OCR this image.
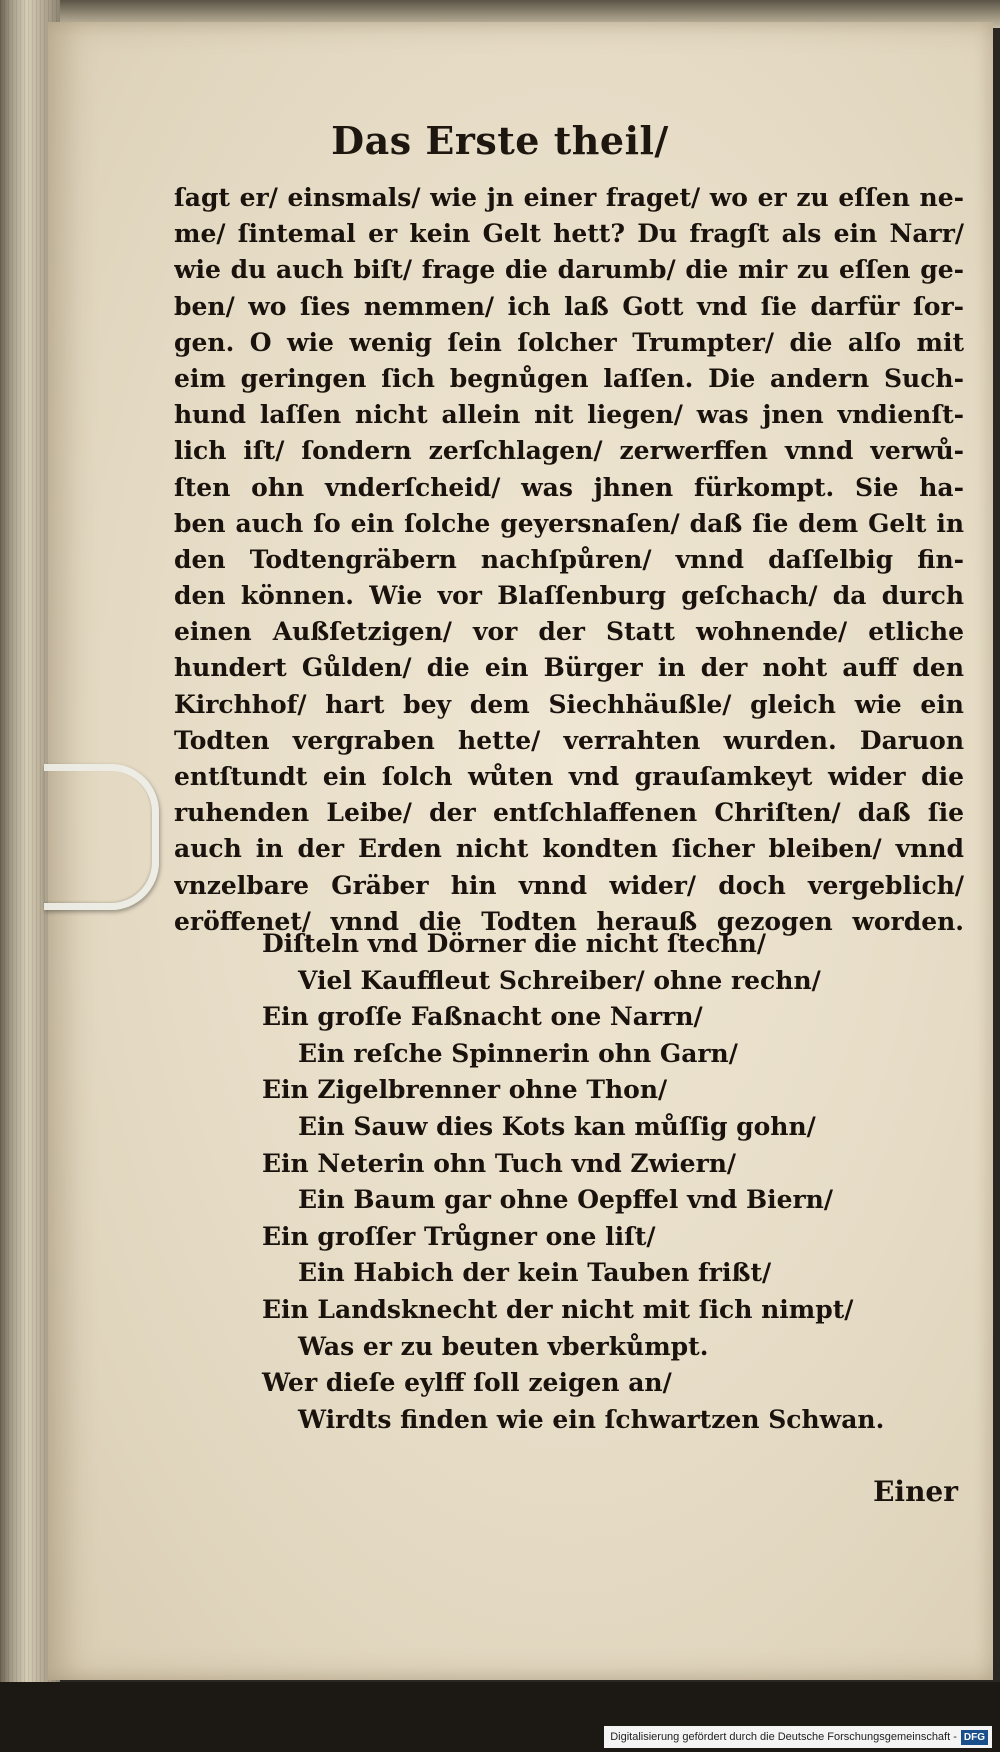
Das Erste theil/
ſagt er/ einsmals/ wie jn einer fraget/ wo er zu eſſen ne-
me/ ſintemal er kein Gelt hett? Du fragſt als ein Narr/
wie du auch biſt/ frage die darumb/ die mir zu eſſen ge-
ben/ wo ſies nemmen/ ich laß Gott vnd ſie darfür ſor-
gen. O wie wenig ſein ſolcher Trumpter/ die alſo mit
eim geringen ſich begnůgen laſſen. Die andern Such-
hund laſſen nicht allein nit liegen/ was jnen vndienſt-
lich iſt/ ſondern zerſchlagen/ zerwerffen vnnd verwů-
ſten ohn vnderſcheid/ was jhnen fürkompt. Sie ha-
ben auch ſo ein ſolche geyersnaſen/ daß ſie dem Gelt in
den Todtengräbern nachſpůren/ vnnd daſſelbig fin-
den können. Wie vor Blaſſenburg geſchach/ da durch
einen Außſetzigen/ vor der Statt wohnende/ etliche
hundert Gůlden/ die ein Bürger in der noht auff den
Kirchhof/ hart bey dem Siechhäußle/ gleich wie ein
Todten vergraben hette/ verrahten wurden. Daruon
entſtundt ein ſolch wůten vnd grauſamkeyt wider die
ruhenden Leibe/ der entſchlaffenen Chriſten/ daß ſie
auch in der Erden nicht kondten ſicher bleiben/ vnnd
vnzelbare Gräber hin vnnd wider/ doch vergeblich/
eröffenet/ vnnd die Todten herauß gezogen worden.
Diſteln vnd Dörner die nicht ſtechn/
Viel Kauffleut Schreiber/ ohne rechn/
Ein groſſe Faßnacht one Narrn/
Ein reſche Spinnerin ohn Garn/
Ein Zigelbrenner ohne Thon/
Ein Sauw dies Kots kan můſſig gohn/
Ein Neterin ohn Tuch vnd Zwiern/
Ein Baum gar ohne Oepffel vnd Biern/
Ein groſſer Trůgner one liſt/
Ein Habich der kein Tauben frißt/
Ein Landsknecht der nicht mit ſich nimpt/
Was er zu beuten vberkůmpt.
Wer dieſe eylff ſoll zeigen an/
Wirdts finden wie ein ſchwartzen Schwan.
Einer
Digitalisierung gefördert durch die Deutsche Forschungsgemeinschaft - DFG
